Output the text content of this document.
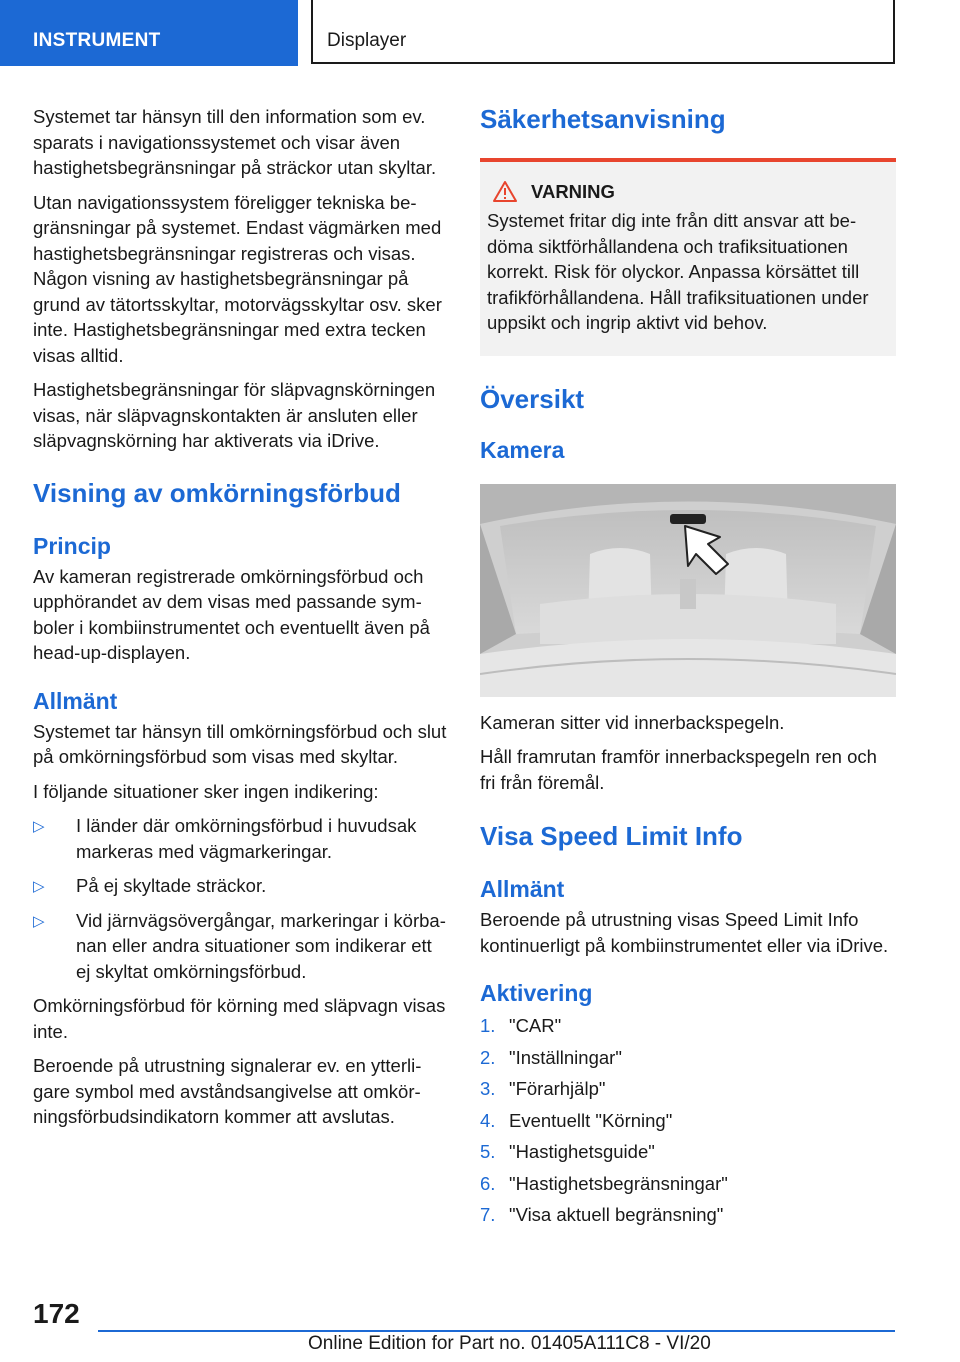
INSTRUMENT	Displayer

Systemet tar hänsyn till den information som ev. sparats i navigationssystemet och visar även hastighetsbegränsningar på sträckor utan skyltar.

Utan navigationssystem föreligger tekniska begränsningar på systemet. Endast vägmärken med hastighetsbegränsningar registreras och visas. Någon visning av hastighetsbegränsningar på grund av tätortsskyltar, motorvägsskyltar osv. sker inte. Hastighetsbegränsningar med extra tecken visas alltid.

Hastighetsbegränsningar för släpvagnskörningen visas, när släpvagnskontakten är ansluten eller släpvagnskörning har aktiverats via iDrive.

Visning av omkörningsförbud
Princip

Av kameran registrerade omkörningsförbud och upphörandet av dem visas med passande symboler i kombiinstrumentet och eventuellt även på head-up-displayen.

Allmänt

Systemet tar hänsyn till omkörningsförbud och slut på omkörningsförbud som visas med skyltar.

I följande situationer sker ingen indikering:

▷ I länder där omkörningsförbud i huvudsak markeras med vägmarkeringar.
▷ På ej skyltade sträckor.
▷ Vid järnvägsövergångar, markeringar i körbanan eller andra situationer som indikerar ett ej skyltat omkörningsförbud.

Omkörningsförbud för körning med släpvagn visas inte.

Beroende på utrustning signalerar ev. en ytterligare symbol med avståndsangivelse att omkörningsförbudsindikatorn kommer att avslutas.

Säkerhetsanvisning
VARNING

Systemet fritar dig inte från ditt ansvar att bedöma siktförhållandena och trafiksituationen korrekt. Risk för olyckor. Anpassa körsättet till trafikförhållandena. Håll trafiksituationen under uppsikt och ingrip aktivt vid behov.

Översikt
Kamera

Kameran sitter vid innerbackspegeln.

Håll framrutan framför innerbackspegeln ren och fri från föremål.

Visa Speed Limit Info
Allmänt

Beroende på utrustning visas Speed Limit Info kontinuerligt på kombiinstrumentet eller via iDrive.

Aktivering
1. "CAR"
2. "Inställningar"
3. "Förarhjälp"
4. Eventuellt "Körning"
5. "Hastighetsguide"
6. "Hastighetsbegränsningar"
7. "Visa aktuell begränsning"
172
Online Edition for Part no. 01405A111C8 - VI/20
